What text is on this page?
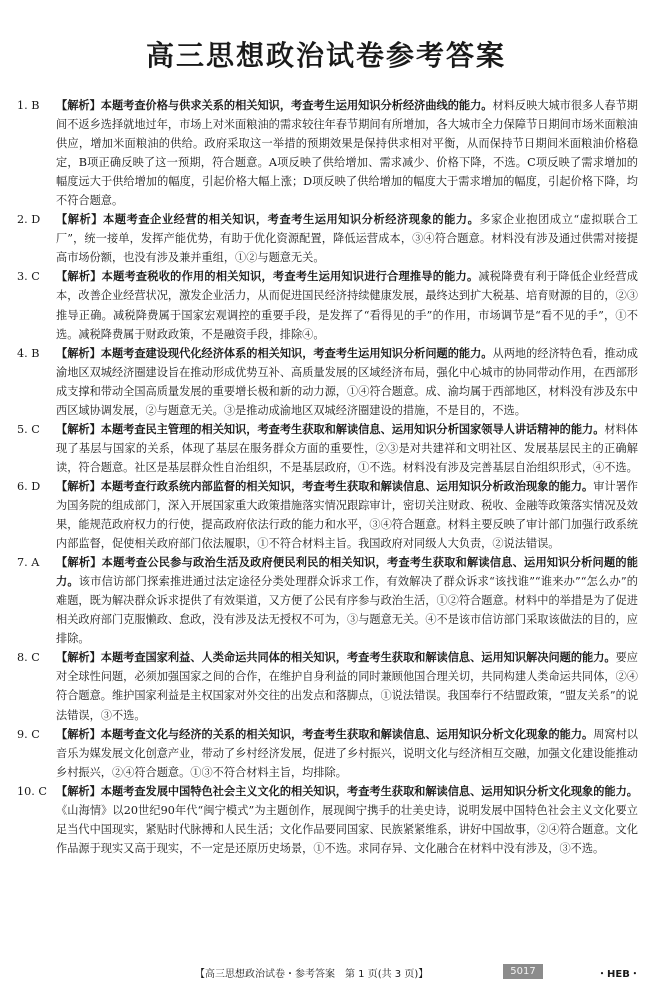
高三思想政治试卷参考答案
1. B	【解析】本题考查价格与供求关系的相关知识，考查考生运用知识分析经济曲线的能力。材料反映大城市很多人春节期间不返乡选择就地过年，市场上对米面粮油的需求较往年春节期间有所增加，各大城市全力保障节日期间市场米面粮油供应，增加米面粮油的供给。政府采取这一举措的预期效果是保持供求相对平衡，从而保持节日期间米面粮油价格稳定，B项正确反映了这一预期，符合题意。A项反映了供给增加、需求减少、价格下降，不选。C项反映了需求增加的幅度远大于供给增加的幅度，引起价格大幅上涨；D项反映了供给增加的幅度大于需求增加的幅度，引起价格下降，均不符合题意。
2. D	【解析】本题考查企业经营的相关知识，考查考生运用知识分析经济现象的能力。多家企业抱团成立“虚拟联合工厂”，统一接单，发挥产能优势，有助于优化资源配置，降低运营成本，③④符合题意。材料没有涉及通过供需对接提高市场份额，也没有涉及兼并重组，①②与题意无关。
3. C	【解析】本题考查税收的作用的相关知识，考查考生运用知识进行合理推导的能力。减税降费有利于降低企业经营成本，改善企业经营状况，激发企业活力，从而促进国民经济持续健康发展，最终达到扩大税基、培育财源的目的，②③推导正确。减税降费属于国家宏观调控的重要手段，是发挥了“看得见的手”的作用，市场调节是“看不见的手”，①不选。减税降费属于财政政策，不是融资手段，排除④。
4. B	【解析】本题考查建设现代化经济体系的相关知识，考查考生运用知识分析问题的能力。从两地的经济特色看，推动成渝地区双城经济圈建设旨在推动形成优势互补、高质量发展的区域经济布局，强化中心城市的协同带动作用，在西部形成支撑和带动全国高质量发展的重要增长极和新的动力源，①④符合题意。成、渝均属于西部地区，材料没有涉及东中西区域协调发展，②与题意无关。③是推动成渝地区双城经济圈建设的措施，不是目的，不选。
5. C	【解析】本题考查民主管理的相关知识，考查考生获取和解读信息、运用知识分析国家领导人讲话精神的能力。材料体现了基层与国家的关系，体现了基层在服务群众方面的重要性，②③是对共建祥和文明社区、发展基层民主的正确解读，符合题意。社区是基层群众性自治组织，不是基层政府，①不选。材料没有涉及完善基层自治组织形式，④不选。
6. D	【解析】本题考查行政系统内部监督的相关知识，考查考生获取和解读信息、运用知识分析政治现象的能力。审计署作为国务院的组成部门，深入开展国家重大政策措施落实情况跟踪审计，密切关注财政、税收、金融等政策落实情况及效果，能规范政府权力的行使，提高政府依法行政的能力和水平，③④符合题意。材料主要反映了审计部门加强行政系统内部监督，促使相关政府部门依法履职，①不符合材料主旨。我国政府对同级人大负责，②说法错误。
7. A	【解析】本题考查公民参与政治生活及政府便民利民的相关知识，考查考生获取和解读信息、运用知识分析问题的能力。该市信访部门探索推进通过法定途径分类处理群众诉求工作，有效解决了群众诉求“该找谁”“谁来办”“怎么办”的难题，既为解决群众诉求提供了有效渠道，又方便了公民有序参与政治生活，①②符合题意。材料中的举措是为了促进相关政府部门克服懒政、怠政，没有涉及法无授权不可为，③与题意无关。④不是该市信访部门采取该做法的目的，应排除。
8. C	【解析】本题考查国家利益、人类命运共同体的相关知识，考查考生获取和解读信息、运用知识解决问题的能力。要应对全球性问题，必须加强国家之间的合作，在维护自身利益的同时兼顾他国合理关切，共同构建人类命运共同体，②④符合题意。维护国家利益是主权国家对外交往的出发点和落脚点，①说法错误。我国奉行不结盟政策，“盟友关系”的说法错误，③不选。
9. C	【解析】本题考查文化与经济的关系的相关知识，考查考生获取和解读信息、运用知识分析文化现象的能力。周窝村以音乐为媒发展文化创意产业，带动了乡村经济发展，促进了乡村振兴，说明文化与经济相互交融，加强文化建设能推动乡村振兴，②④符合题意。①③不符合材料主旨，均排除。
10. C 【解析】本题考查发展中国特色社会主义文化的相关知识，考查考生获取和解读信息、运用知识分析文化现象的能力。《山海情》以20世纪90年代“闽宁模式”为主题创作，展现闽宁携手的壮美史诗，说明发展中国特色社会主义文化要立足当代中国现实，紧贴时代脉搏和人民生活；文化作品要同国家、民族紧紧维系，讲好中国故事，②④符合题意。文化作品源于现实又高于现实，不一定是还原历史场景，①不选。求同存异、文化融合在材料中没有涉及，③不选。
【高三思想政治试卷・参考答案　第 1 页(共 3 页)】	5017	・HEB・
